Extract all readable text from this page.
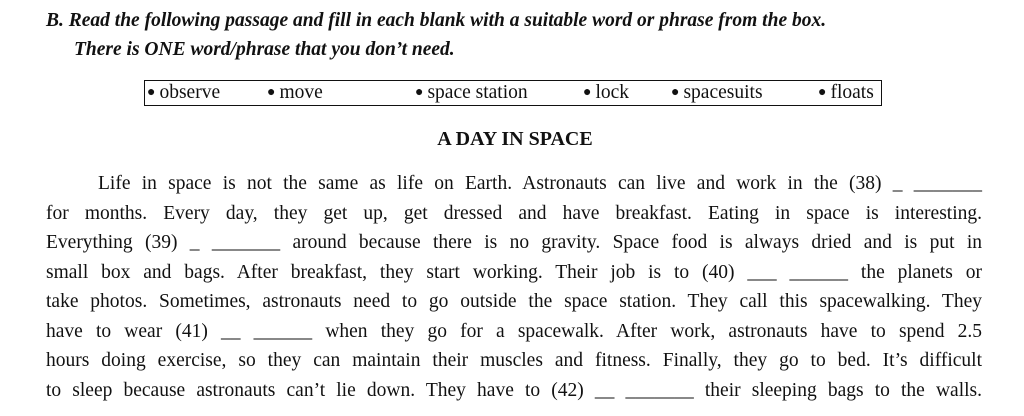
B. Read the following passage and fill in each blank with a suitable word or phrase from the box.
There is ONE word/phrase that you don’t need.
● observe	● move	● space station	● lock	● spacesuits	● floats
A DAY IN SPACE
Life in space is not the same as life on Earth. Astronauts can live and work in the (38) _ _______
for months. Every day, they get up, get dressed and have breakfast. Eating in space is interesting.
Everything (39) _ _______ around because there is no gravity. Space food is always dried and is put in
small box and bags. After breakfast, they start working. Their job is to (40) ___ ______ the planets or
take photos. Sometimes, astronauts need to go outside the space station. They call this spacewalking. They
have to wear (41) __ ______ when they go for a spacewalk. After work, astronauts have to spend 2.5
hours doing exercise, so they can maintain their muscles and fitness. Finally, they go to bed. It’s difficult
to sleep because astronauts can’t lie down. They have to (42) __ _______ their sleeping bags to the walls.
